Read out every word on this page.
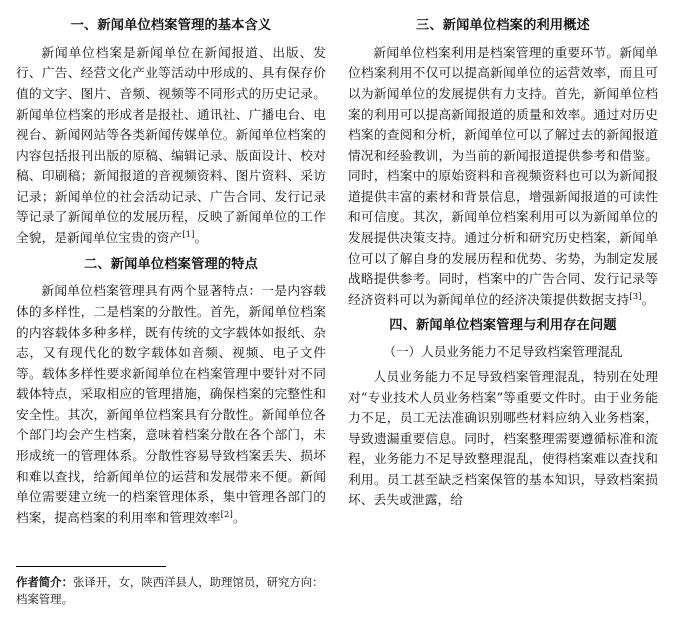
一、新闻单位档案管理的基本含义

新闻单位档案是新闻单位在新闻报道、出版、发行、广告、经营文化产业等活动中形成的、具有保存价值的文字、图片、音频、视频等不同形式的历史记录。新闻单位档案的形成者是报社、通讯社、广播电台、电视台、新闻网站等各类新闻传媒单位。新闻单位档案的内容包括报刊出版的原稿、编辑记录、版面设计、校对稿、印刷稿；新闻报道的音视频资料、图片资料、采访记录；新闻单位的社会活动记录、广告合同、发行记录等记录了新闻单位的发展历程，反映了新闻单位的工作全貌，是新闻单位宝贵的资产[1]。

二、新闻单位档案管理的特点

新闻单位档案管理具有两个显著特点：一是内容载体的多样性，二是档案的分散性。首先，新闻单位档案的内容载体多种多样，既有传统的文字载体如报纸、杂志，又有现代化的数字载体如音频、视频、电子文件等。载体多样性要求新闻单位在档案管理中要针对不同载体特点，采取相应的管理措施，确保档案的完整性和安全性。其次，新闻单位档案具有分散性。新闻单位各个部门均会产生档案，意味着档案分散在各个部门，未形成统一的管理体系。分散性容易导致档案丢失、损坏和难以查找，给新闻单位的运营和发展带来不便。新闻单位需要建立统一的档案管理体系，集中管理各部门的档案，提高档案的利用率和管理效率[2]。

三、新闻单位档案的利用概述

新闻单位档案利用是档案管理的重要环节。新闻单位档案利用不仅可以提高新闻单位的运营效率，而且可以为新闻单位的发展提供有力支持。首先，新闻单位档案的利用可以提高新闻报道的质量和效率。通过对历史档案的查阅和分析，新闻单位可以了解过去的新闻报道情况和经验教训，为当前的新闻报道提供参考和借鉴。同时，档案中的原始资料和音视频资料也可以为新闻报道提供丰富的素材和背景信息，增强新闻报道的可读性和可信度。其次，新闻单位档案利用可以为新闻单位的发展提供决策支持。通过分析和研究历史档案，新闻单位可以了解自身的发展历程和优势、劣势，为制定发展战略提供参考。同时，档案中的广告合同、发行记录等经济资料可以为新闻单位的经济决策提供数据支持[3]。

四、新闻单位档案管理与利用存在问题
（一）人员业务能力不足导致档案管理混乱

人员业务能力不足导致档案管理混乱，特别在处理对“专业技术人员业务档案”等重要文件时。由于业务能力不足，员工无法准确识别哪些材料应纳入业务档案，导致遗漏重要信息。同时，档案整理需要遵循标准和流程，业务能力不足导致整理混乱，使得档案难以查找和利用。员工甚至缺乏档案保管的基本知识，导致档案损坏、丢失或泄露，给

作者简介：张译开，女，陕西洋县人，助理馆员，研究方向：档案管理。
